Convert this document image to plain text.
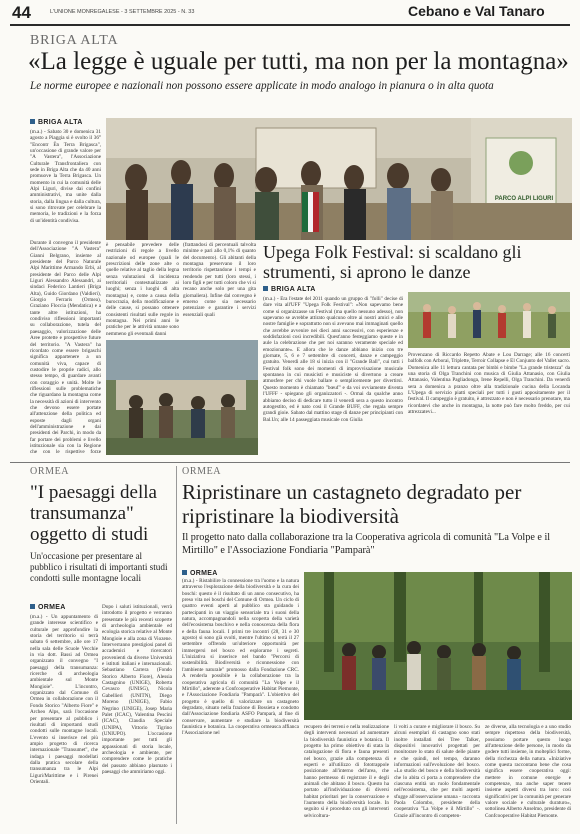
44	L'UNIONE MONREGALESE - 3 SETTEMBRE 2025 - N. 33	Cebano e Val Tanaro
BRIGA ALTA
«La legge è uguale per tutti, ma non per la montagna»
Le norme europee e nazionali non possono essere applicate in modo analogo in pianura o in alta quota
BRIGA ALTA
PARCO ALPI LIGURI

(m.a.) - Sabato 30 e domenica 31 agosto a Piaggia si è svolto il 36° "Encontr Ën Terra Brigasca", un'occasione di grande valore per "A Vastera", l'Associazione Culturale Transfrontaliera con sede in Briga Alta che da 40 anni promuove la Terra Brigasca. Un momento in cui la comunità delle Alpi Liguri, divise dai confini amministrativi, ma unite dalla storia, dalla lingua e dalla cultura, si sono ritrovate per celebrare la memoria, le tradizioni e la forza di un'identità condivisa.

Durante il convegno il presidente dell'Associazione "A Vastera" Gianni Belgrano, insieme al presidente del Parco Naturale Alpi Marittime Armando Erbì, al presidente del Parco delle Alpi Liguri Alessandro Alessandri, ai sindaci Federico Lantieri (Briga Alta), Guido Giordano (Valdieri), Giorgio Ferraris (Ormea), Graziano Floccia (Mendatica) e a tante altre istituzioni, ha condiviso riflessioni importanti su collaborazione, tutela del paesaggio, valorizzazione delle Aree protette e prospettive future del territorio. "A Vastera" ha ricordato come essere brigaschi significa appartenere a un comunità viva, capace di custodire le proprie radici, allo stesso tempo, di guardare avanti con coraggio e unità. Molte le riflessioni sulle problematiche che riguardano la montagna come la necessità di azioni di intervento che devono essere portate all'attenzione della politica ed esposte dagli organi dell'amministrazione e dai presidenti dei Parchi, in modo da far portare dei problemi e livello istituzionale sia con la Regione che con le rispettive forze

è pensabile prevedere delle restrizioni di regole a livello nazionale od europee (quali le prescrizioni delle zone alte o quelle relative al taglio della legna senza valutazioni di incidenza territoriali contestualizzate ai luoghi; senza i luoghi di alta montagna) e, come a causa della burocrazia, della modificazione e delle cause, si possano ottenere consistenti risultati sulle regole in montagna. Nei primi anni le pratiche per le attività umane sono nemmeno gli eventuali danni

(frattandosi di percentuali talvolta minime e pari allo 0,1% di quanto del documento). Gli abitanti della montagna preservano il loro territorio rispettandone i tempi e rendendo per tutti (loro stessi, i loro figli e per tutti coloro che vi si recano anche solo per una gita giornaliera). Infine dal convegno è emerso come sia necessario potenziare e garantire i servizi essenziali quali

Upega Folk Festival: si scaldano gli strumenti, si aprono le danze
BRIGA ALTA

(m.a.) - Era l'estate del 2011 quando un gruppo di "folli" decise di dare vita all'UFF "Upega Folk Festival": «Non sapevamo bene come si organizzasse un Festival (ma quello nessuno adesso), non sapevamo se avrebbe attirato qualcuno oltre ai nostri amici e alle nostre famiglie e soprattutto non si avevano mai immaginati quello che avrebbe avvenire nei dieci anni successivi, con esperienze e soddisfazioni così incredibili. Quest'anno festeggiamo queste e in aule la celebrazione che per noi saranno veramente speciale ed emozionante». E allora che le danze abbiano inizio con tre giornate, 5, 6 e 7 settembre di concerti, danze e campeggio gratuito. Venerdì alle 18 si inizia con il "Grande Ball", cui tutti i Festival folk sono dei momenti di improvvisazione musicale spontanea in cui musicisti e musiciste si divertono a creare atmosfere per chi vuole ballare o semplicemente per divertirsi. Questo momento è chiamato "bœuf" e da voi ovviamente diventa l'UFFF - spiegano gli organizzatori -. Ormai da qualche anno abbiamo deciso di dedicare tutto il venerdì sera a questo incontro autogestito, ed è nato così il Grande BUFF, che regala sempre grandi gioie. Sabato dal mattino stage di danze per principianti con Bal.Un; alle 14 passeggiata musicale con Giulia

Provenzano di Riccardo Repetto Abate e Lou Darrage; alle 16 concerti balfolk con Arborai, Triplette, Terroir Collapse e El Conjunto del Vallet sacro. Domenica alle 11 lettura cantata per bimbi e bimbe "La grande tristezza" da una storia di Olga Tranchini con musica di Giulia Attanasio, con Giulia Attanasio, Valentina Pagliadonga, Irene Repelli, Olga Tranchini. Da venerdì sera a domenica a pranzo oltre alla tradizionale cucina della Locanda L'Upega di servizio piatti speciali per tutti i gusti appositamente per il festival. Il campeggio è gratuito, è attrezzato e non è necessario prenotare, ma ricordatevi che anche in montagna, la notte può fare molto freddo, per cui attrezzatevi...

ORMEA
"I paesaggi della transumanza" oggetto di studi
Un'occasione per presentare al pubblico i risultati di importanti studi condotti sulle montagne locali
ORMEA

(m.a.) - Un appuntamento di grande interesse scientifico e culturale per approfondire la storia del territorio si terrà sabato 6 settembre, alle ore 17 nella sala delle Scuole Vecchie in via dott. Bassi ad Ormea organizzato il convegno "I paesaggi della transumanza: ricerche di archeologia ambientale sul Monte Mongioie". L'incontro, organizzato dal Comune di Ormea in collaborazione con il Fondo Storico "Alberto Fiore" e Archeo Alps, sarà l'occasione per presentare al pubblico i risultati di importanti studi condotti sulle montagne locali. L'evento si inserisce nel più ampio progetto di ricerca internazionale "Transumet", che indaga i paesaggi modellati dalla pratica secolare della transumanza tra le Alpi Liguri/Marittime e i Pirenei Orientali.

Dopo i saluti istituzionali, verrà introdotto il progetto e verranno presentate le più recenti scoperte di archeologia ambientale ed ecologia storica relative al Monte Mongioie e alla zona di Viozene. Interverranno prestigiosi panel di accademici e ricercatori provenienti da diverse Università e istituti italiani e internazionali. Sebastiano Carrera (Fondo Storico Alberto Fiore), Alessia Castagnino (UNIGE), Roberta Cevasco (UNISG), Nicola Gabellieri (UNITN), Diego Moreno (UNIGE), Fabio Negrino (UNIGE), Josep Maria Palet (ICAC), Valentina Pescini (ICAC), Claudia Speciale (UNIPA), Vittorio Tigrino (UNIUPO). L'occasione importante per tutti gli appassionati di storia locale, archeologia e ambiente, per comprendere come le pratiche del passato abbiano plasmato i paesaggi che ammiriamo oggi.

ORMEA
Ripristinare un castagneto degradato per ripristinare la biodiversità
Il progetto nato dalla collaborazione tra la Cooperativa agricola di comunità "La Volpe e il Mirtillo" e l'Associazione Fondiaria "Pamparà"
ORMEA

(m.a.) - Ristabilire la connessione tra l'uomo e la natura attraverso l'esplorazione della biodiversità e la cura dei boschi: questo è il risultato di un anno consecutivo, ha preso vita nei boschi del Comune di Ormea. Un ciclo di quattro eventi aperti al pubblico sta guidando i partecipanti in un viaggio sensoriale tra i suoni della natura, accompagnandoli nella scoperta della varietà dell'ecosistema boschivo e nella conoscenza della flora e della fauna locali. I primi tre incontri (28, 31 e 30 agosto) si sono già svolti, mentre l'ultimo si terrà il 27 settembre offrendo un'ulteriore opportunità per immergersi nel bosco ed esplorarne i segreti. L'iniziativa si inserisce nel bando "Percorsi di sostenibilità. Biodiversità e riconnessione con l'ambiente naturale" promosso dalla Fondazione CRC. A renderla possibile è la collaborazione tra la cooperativa agricola di comunità "La Volpe e il Mirtillo", aderente a Confcooperative Habitat Piemonte, e l'Associazione Fondiaria "Pamparà". L'obiettivo del progetto è quello di valorizzare un castagneto degradato, situato nella frazione di Bossieta e condotto dall'Associazione fondiaria ASFO Pamparà, al fine di conservare, aumentare e studiare la biodiversità faunistica e botanica. La cooperativa ormeasca affianca l'Associazione nel

recupero dei terreni e nella realizzazione degli interventi necessari ad aumentare la biodiversità faunistica e botanica. Il progetto ha primo obiettivo di stata la catalogazione di flora e fauna presenti nel bosco, grazie alla competenza di esperti e all'utilizzo di fototrappole posizionate all'interno dell'area, che hanno permesso di registrare il e degli animali che abitano il bosco. Questo ha portato all'individuazione di diversi habitat prioritari per la conservazione e l'aumento della biodiversità locale. In seguito sì è proceduto con gli interventi selvicoltura-

li volti a curare e migliorare il bosco. Su alcuni esemplari di castagno sono stati inoltre installati dei Tree Talker, dispositivi innovativi progettati per monitorare lo stato di salute delle piante e che quindi, nel tempo, daranno informazioni sull'evoluzione del bosco. «Lo studio del bosco e della biodiversità che lo abita ci porta a comprendere che ciascuna entità un ruolo fondamentale nell'ecosistema, che per molti aspetti sfugge all'osservazione umana - racconta Paola Colombo, presidente della cooperativa "La Volpe e il Mirtillo" -. Grazie all'incontro di competen-

ze diverse, alla tecnologia e a uno studio sempre rispettoso della biodiversità, possiamo portare questo luogo all'attenzione delle persone, in modo da godere tutti insieme, in molteplici forme, della ricchezza della natura. «Iniziative come questa raccontano bene che cosa significa essere cooperativa oggi: mettere in comune energie e competenze, ma anche saper tenere insieme aspetti diversi tra loro: così significativi per la comunità per generare valore sociale e culturale duraturo», sottolinea Alberto Anselmo, presidente di Confcooperative Habitat Piemonte.
